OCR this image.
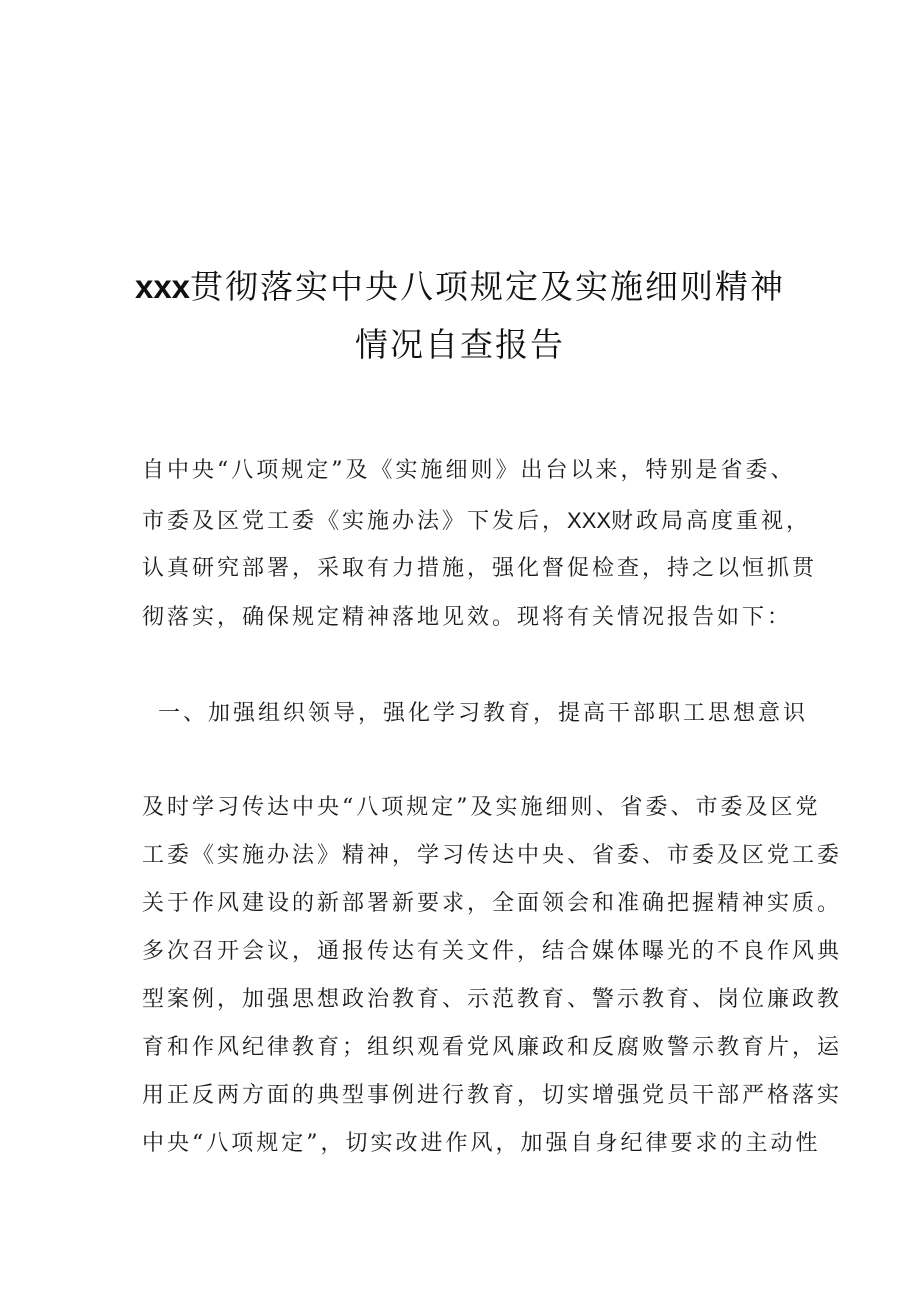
xxx贯彻落实中央八项规定及实施细则精神
情况自查报告
自中央“八项规定”及《实施细则》出台以来，特别是省委、
市委及区党工委《实施办法》下发后，XXX财政局高度重视，
认真研究部署，采取有力措施，强化督促检查，持之以恒抓贯
彻落实，确保规定精神落地见效。现将有关情况报告如下：
一、加强组织领导，强化学习教育，提高干部职工思想意识
及时学习传达中央“八项规定”及实施细则、省委、市委及区党
工委《实施办法》精神，学习传达中央、省委、市委及区党工委
关于作风建设的新部署新要求，全面领会和准确把握精神实质。
多次召开会议，通报传达有关文件，结合媒体曝光的不良作风典
型案例，加强思想政治教育、示范教育、警示教育、岗位廉政教
育和作风纪律教育；组织观看党风廉政和反腐败警示教育片，运
用正反两方面的典型事例进行教育，切实增强党员干部严格落实
中央“八项规定”，切实改进作风，加强自身纪律要求的主动性
